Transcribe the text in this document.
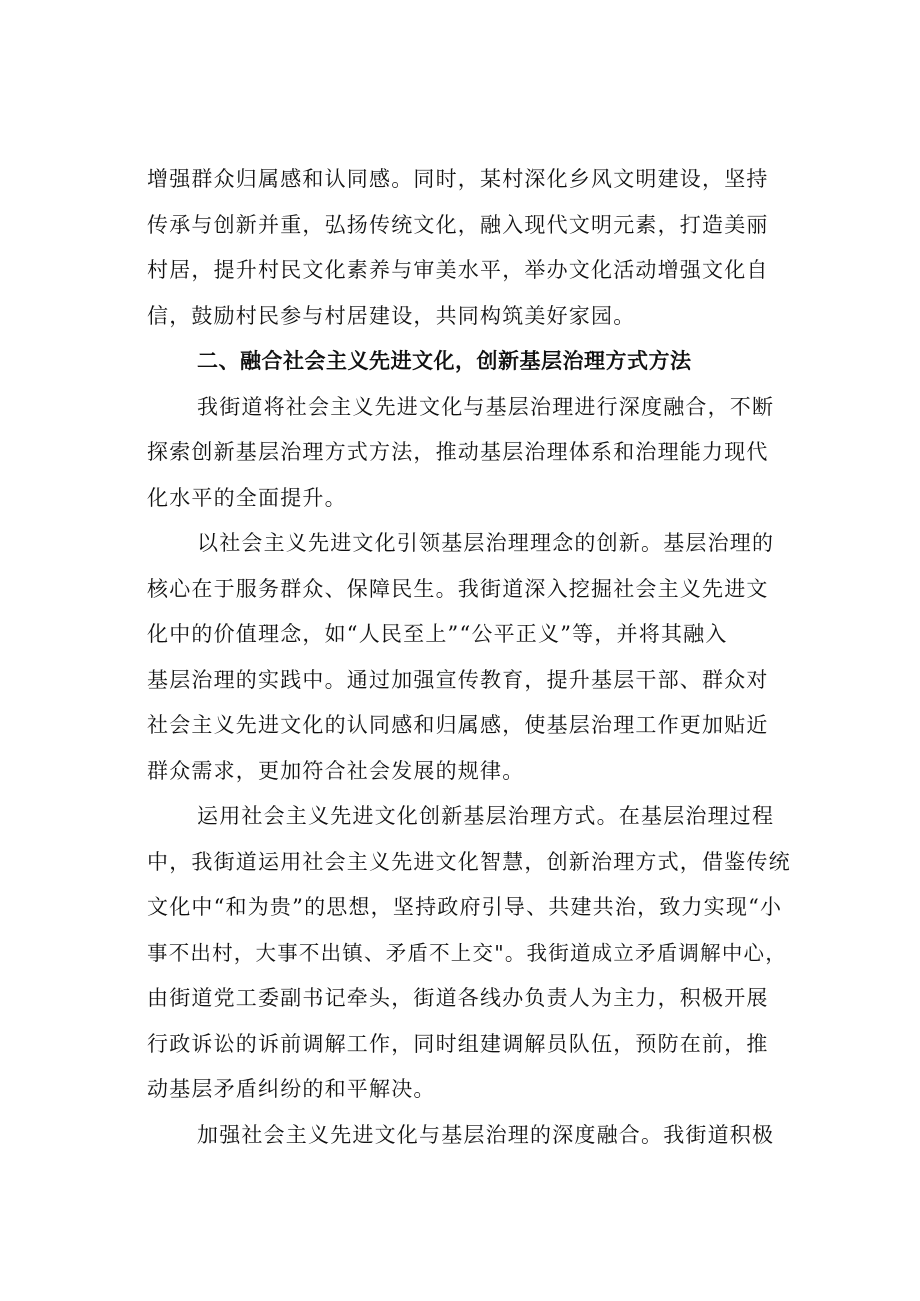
增强群众归属感和认同感。同时，某村深化乡风文明建设，坚持
传承与创新并重，弘扬传统文化，融入现代文明元素，打造美丽
村居，提升村民文化素养与审美水平，举办文化活动增强文化自
信，鼓励村民参与村居建设，共同构筑美好家园。
二、融合社会主义先进文化，创新基层治理方式方法
我街道将社会主义先进文化与基层治理进行深度融合，不断
探索创新基层治理方式方法，推动基层治理体系和治理能力现代
化水平的全面提升。
以社会主义先进文化引领基层治理理念的创新。基层治理的
核心在于服务群众、保障民生。我街道深入挖掘社会主义先进文
化中的价值理念，如“人民至上”“公平正义”等，并将其融入
基层治理的实践中。通过加强宣传教育，提升基层干部、群众对
社会主义先进文化的认同感和归属感，使基层治理工作更加贴近
群众需求，更加符合社会发展的规律。
运用社会主义先进文化创新基层治理方式。在基层治理过程
中，我街道运用社会主义先进文化智慧，创新治理方式，借鉴传统
文化中“和为贵”的思想，坚持政府引导、共建共治，致力实现“小
事不出村，大事不出镇、矛盾不上交"。我街道成立矛盾调解中心，
由街道党工委副书记牵头，街道各线办负责人为主力，积极开展
行政诉讼的诉前调解工作，同时组建调解员队伍，预防在前，推
动基层矛盾纠纷的和平解决。
加强社会主义先进文化与基层治理的深度融合。我街道积极
